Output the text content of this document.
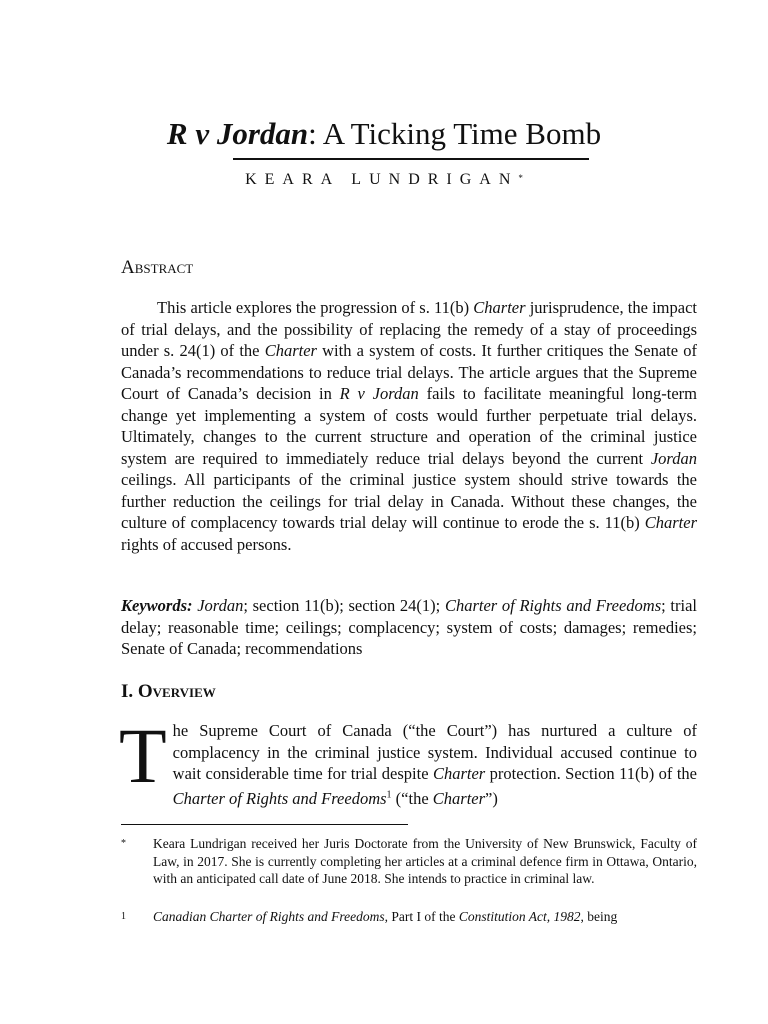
R v Jordan: A Ticking Time Bomb
KEARA LUNDRIGAN*
Abstract

This article explores the progression of s. 11(b) Charter jurisprudence, the impact of trial delays, and the possibility of replacing the remedy of a stay of proceedings under s. 24(1) of the Charter with a system of costs. It further critiques the Senate of Canada’s recommendations to reduce trial delays. The article argues that the Supreme Court of Canada’s decision in R v Jordan fails to facilitate meaningful long-term change yet implementing a system of costs would further perpetuate trial delays. Ultimately, changes to the current structure and operation of the criminal justice system are required to immediately reduce trial delays beyond the current Jordan ceilings. All participants of the criminal justice system should strive towards the further reduction the ceilings for trial delay in Canada. Without these changes, the culture of complacency towards trial delay will continue to erode the s. 11(b) Charter rights of accused persons.

Keywords: Jordan; section 11(b); section 24(1); Charter of Rights and Freedoms; trial delay; reasonable time; ceilings; complacency; system of costs; damages; remedies; Senate of Canada; recommendations

I. Overview

The Supreme Court of Canada (“the Court”) has nurtured a culture of complacency in the criminal justice system. Individual accused continue to wait considerable time for trial despite Charter protection. Section 11(b) of the Charter of Rights and Freedoms$^1$ (“the Charter”)

* Keara Lundrigan received her Juris Doctorate from the University of New Brunswick, Faculty of Law, in 2017. She is currently completing her articles at a criminal defence firm in Ottawa, Ontario, with an anticipated call date of June 2018. She intends to practice in criminal law.
1 Canadian Charter of Rights and Freedoms, Part I of the Constitution Act, 1982, being
